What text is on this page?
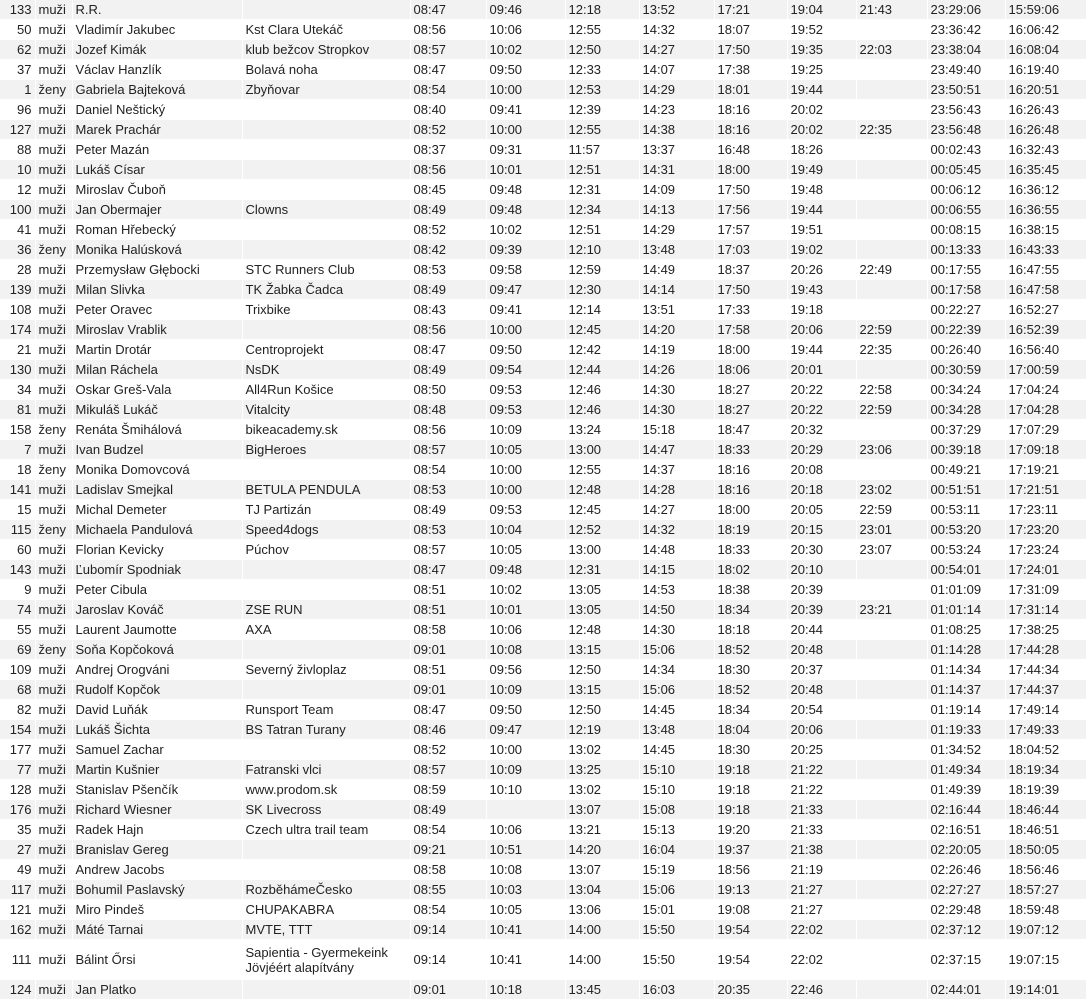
133	muži	R.R.		08:47	09:46	12:18	13:52	17:21	19:04	21:43	23:29:06	15:59:06
50	muži	Vladimír Jakubec	Kst Clara Utekáč	08:56	10:06	12:55	14:32	18:07	19:52		23:36:42	16:06:42
62	muži	Jozef Kimák	klub bežcov Stropkov	08:57	10:02	12:50	14:27	17:50	19:35	22:03	23:38:04	16:08:04
37	muži	Václav Hanzlík	Bolavá noha	08:47	09:50	12:33	14:07	17:38	19:25		23:49:40	16:19:40
1	ženy	Gabriela Bajteková	Zbyňovar	08:54	10:00	12:53	14:29	18:01	19:44		23:50:51	16:20:51
96	muži	Daniel Neštický		08:40	09:41	12:39	14:23	18:16	20:02		23:56:43	16:26:43
127	muži	Marek Prachár		08:52	10:00	12:55	14:38	18:16	20:02	22:35	23:56:48	16:26:48
88	muži	Peter Mazán		08:37	09:31	11:57	13:37	16:48	18:26		00:02:43	16:32:43
10	muži	Lukáš Císar		08:56	10:01	12:51	14:31	18:00	19:49		00:05:45	16:35:45
12	muži	Miroslav Čuboň		08:45	09:48	12:31	14:09	17:50	19:48		00:06:12	16:36:12
100	muži	Jan Obermajer	Clowns	08:49	09:48	12:34	14:13	17:56	19:44		00:06:55	16:36:55
41	muži	Roman Hřebecký		08:52	10:02	12:51	14:29	17:57	19:51		00:08:15	16:38:15
36	ženy	Monika Halúsková		08:42	09:39	12:10	13:48	17:03	19:02		00:13:33	16:43:33
28	muži	Przemysław Głębocki	STC Runners Club	08:53	09:58	12:59	14:49	18:37	20:26	22:49	00:17:55	16:47:55
139	muži	Milan Slivka	TK Žabka Čadca	08:49	09:47	12:30	14:14	17:50	19:43		00:17:58	16:47:58
108	muži	Peter Oravec	Trixbike	08:43	09:41	12:14	13:51	17:33	19:18		00:22:27	16:52:27
174	muži	Miroslav Vrablik		08:56	10:00	12:45	14:20	17:58	20:06	22:59	00:22:39	16:52:39
21	muži	Martin Drotár	Centroprojekt	08:47	09:50	12:42	14:19	18:00	19:44	22:35	00:26:40	16:56:40
130	muži	Milan Ráchela	NsDK	08:49	09:54	12:44	14:26	18:06	20:01		00:30:59	17:00:59
34	muži	Oskar Greš-Vala	All4Run Košice	08:50	09:53	12:46	14:30	18:27	20:22	22:58	00:34:24	17:04:24
81	muži	Mikuláš Lukáč	Vitalcity	08:48	09:53	12:46	14:30	18:27	20:22	22:59	00:34:28	17:04:28
158	ženy	Renáta Šmihálová	bikeacademy.sk	08:56	10:09	13:24	15:18	18:47	20:32		00:37:29	17:07:29
7	muži	Ivan Budzel	BigHeroes	08:57	10:05	13:00	14:47	18:33	20:29	23:06	00:39:18	17:09:18
18	ženy	Monika Domovcová		08:54	10:00	12:55	14:37	18:16	20:08		00:49:21	17:19:21
141	muži	Ladislav Smejkal	BETULA PENDULA	08:53	10:00	12:48	14:28	18:16	20:18	23:02	00:51:51	17:21:51
15	muži	Michal Demeter	TJ Partizán	08:49	09:53	12:45	14:27	18:00	20:05	22:59	00:53:11	17:23:11
115	ženy	Michaela Pandulová	Speed4dogs	08:53	10:04	12:52	14:32	18:19	20:15	23:01	00:53:20	17:23:20
60	muži	Florian Kevicky	Púchov	08:57	10:05	13:00	14:48	18:33	20:30	23:07	00:53:24	17:23:24
143	muži	Ľubomír Spodniak		08:47	09:48	12:31	14:15	18:02	20:10		00:54:01	17:24:01
9	muži	Peter Cibula		08:51	10:02	13:05	14:53	18:38	20:39		01:01:09	17:31:09
74	muži	Jaroslav Kováč	ZSE RUN	08:51	10:01	13:05	14:50	18:34	20:39	23:21	01:01:14	17:31:14
55	muži	Laurent Jaumotte	AXA	08:58	10:06	12:48	14:30	18:18	20:44		01:08:25	17:38:25
69	ženy	Soňa Kopčoková		09:01	10:08	13:15	15:06	18:52	20:48		01:14:28	17:44:28
109	muži	Andrej Orogváni	Severný živloplaz	08:51	09:56	12:50	14:34	18:30	20:37		01:14:34	17:44:34
68	muži	Rudolf Kopčok		09:01	10:09	13:15	15:06	18:52	20:48		01:14:37	17:44:37
82	muži	David Luňák	Runsport Team	08:47	09:50	12:50	14:45	18:34	20:54		01:19:14	17:49:14
154	muži	Lukáš Šichta	BS Tatran Turany	08:46	09:47	12:19	13:48	18:04	20:06		01:19:33	17:49:33
177	muži	Samuel Zachar		08:52	10:00	13:02	14:45	18:30	20:25		01:34:52	18:04:52
77	muži	Martin Kušnier	Fatranski vlci	08:57	10:09	13:25	15:10	19:18	21:22		01:49:34	18:19:34
128	muži	Stanislav Pšenčík	www.prodom.sk	08:59	10:10	13:02	15:10	19:18	21:22		01:49:39	18:19:39
176	muži	Richard Wiesner	SK Livecross	08:49		13:07	15:08	19:18	21:33		02:16:44	18:46:44
35	muži	Radek Hajn	Czech ultra trail team	08:54	10:06	13:21	15:13	19:20	21:33		02:16:51	18:46:51
27	muži	Branislav Gereg		09:21	10:51	14:20	16:04	19:37	21:38		02:20:05	18:50:05
49	muži	Andrew Jacobs		08:58	10:08	13:07	15:19	18:56	21:19		02:26:46	18:56:46
117	muži	Bohumil Paslavský	RozběhámeČesko	08:55	10:03	13:04	15:06	19:13	21:27		02:27:27	18:57:27
121	muži	Miro Pindeš	CHUPAKABRA	08:54	10:05	13:06	15:01	19:08	21:27		02:29:48	18:59:48
162	muži	Máté Tarnai	MVTE, TTT	09:14	10:41	14:00	15:50	19:54	22:02		02:37:12	19:07:12
111	muži	Bálint Őrsi	Sapientia - Gyermekeink Jövjéért alapítvány	09:14	10:41	14:00	15:50	19:54	22:02		02:37:15	19:07:15
124	muži	Jan Platko		09:01	10:18	13:45	16:03	20:35	22:46		02:44:01	19:14:01
